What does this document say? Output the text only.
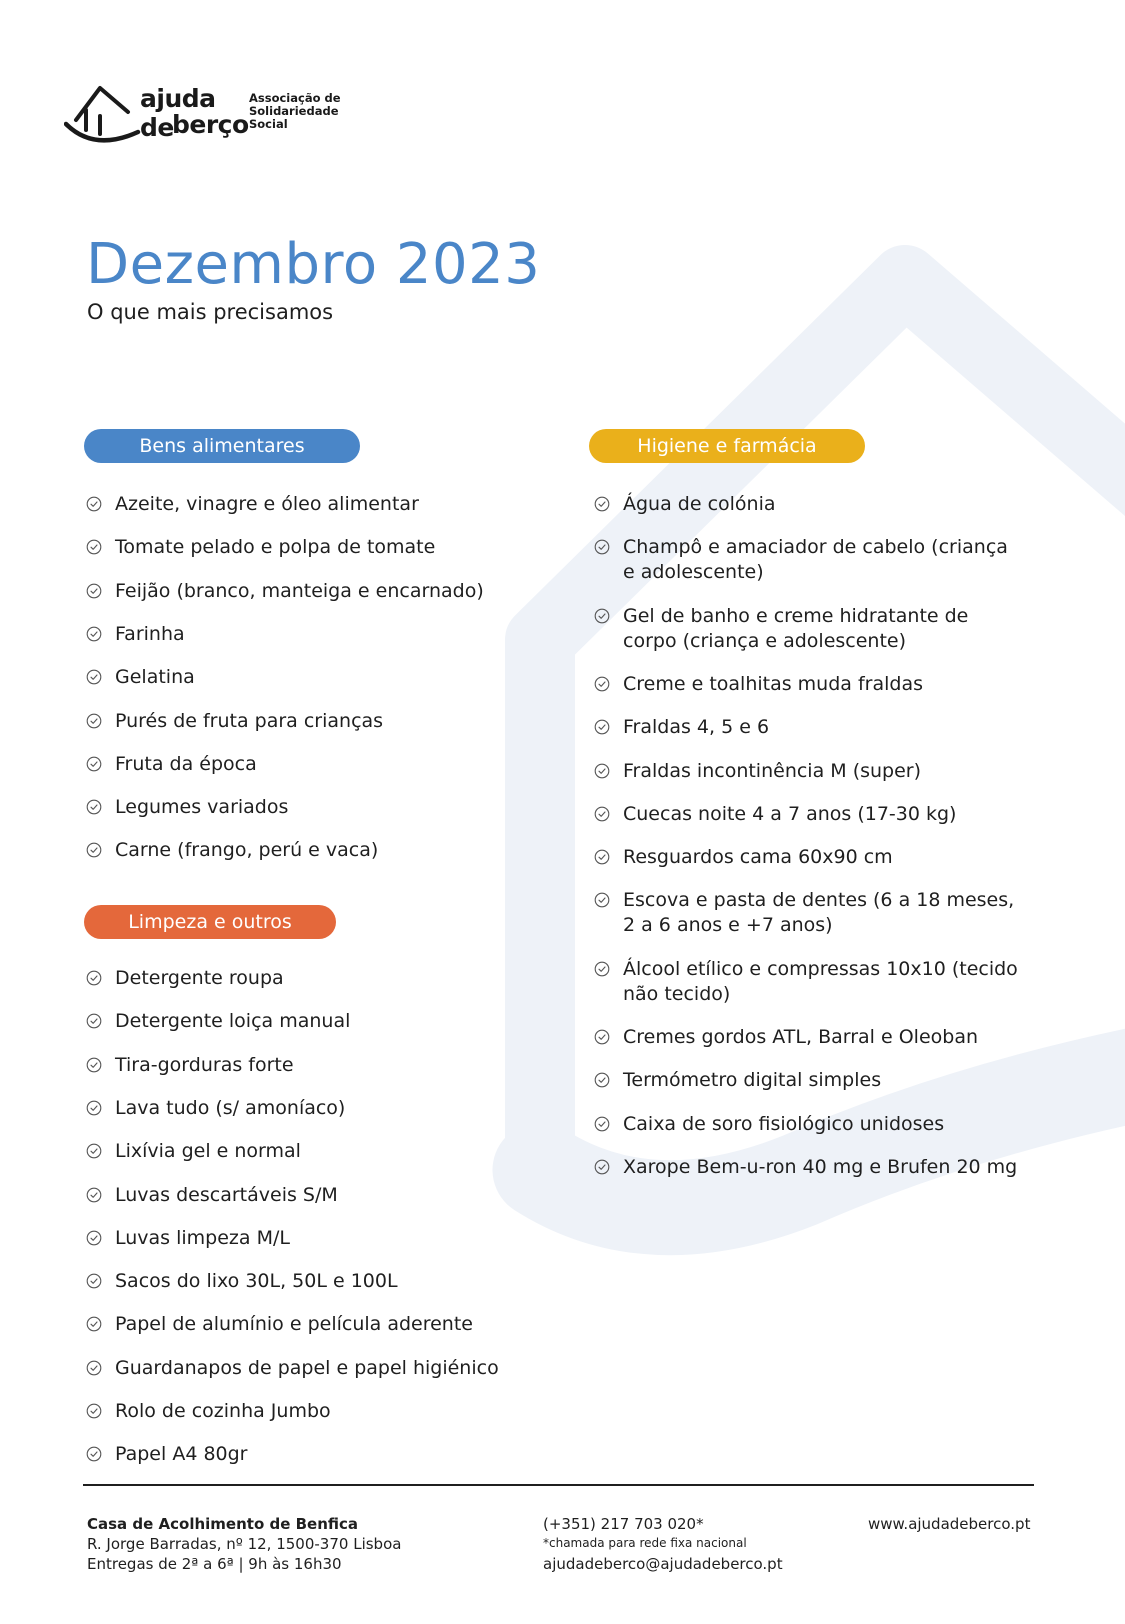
ajuda de
berço
Associação de
Solidariedade
Social
Dezembro 2023
O que mais precisamos
Bens alimentares
Limpeza e outros
Higiene e farmácia
Azeite, vinagre e óleo alimentar
Tomate pelado e polpa de tomate
Feijão (branco, manteiga e encarnado)
Farinha
Gelatina
Purés de fruta para crianças
Fruta da época
Legumes variados
Carne (frango, perú e vaca)
Detergente roupa
Detergente loiça manual
Tira-gorduras forte
Lava tudo (s/ amoníaco)
Lixívia gel e normal
Luvas descartáveis S/M
Luvas limpeza M/L
Sacos do lixo 30L, 50L e 100L
Papel de alumínio e película aderente
Guardanapos de papel e papel higiénico
Rolo de cozinha Jumbo
Papel A4 80gr
Água de colónia
Champô e amaciador de cabelo (criança
e adolescente)
Gel de banho e creme hidratante de
corpo (criança e adolescente)
Creme e toalhitas muda fraldas
Fraldas 4, 5 e 6
Fraldas incontinência M (super)
Cuecas noite 4 a 7 anos (17-30 kg)
Resguardos cama 60x90 cm
Escova e pasta de dentes (6 a 18 meses,
2 a 6 anos e +7 anos)
Álcool etílico e compressas 10x10 (tecido
não tecido)
Cremes gordos ATL, Barral e Oleoban
Termómetro digital simples
Caixa de soro fisiológico unidoses
Xarope Bem-u-ron 40 mg e Brufen 20 mg
Casa de Acolhimento de Benfica
R. Jorge Barradas, nº 12, 1500-370 Lisboa
Entregas de 2ª a 6ª | 9h às 16h30
(+351) 217 703 020*
*chamada para rede fixa nacional
ajudadeberco@ajudadeberco.pt
www.ajudadeberco.pt
